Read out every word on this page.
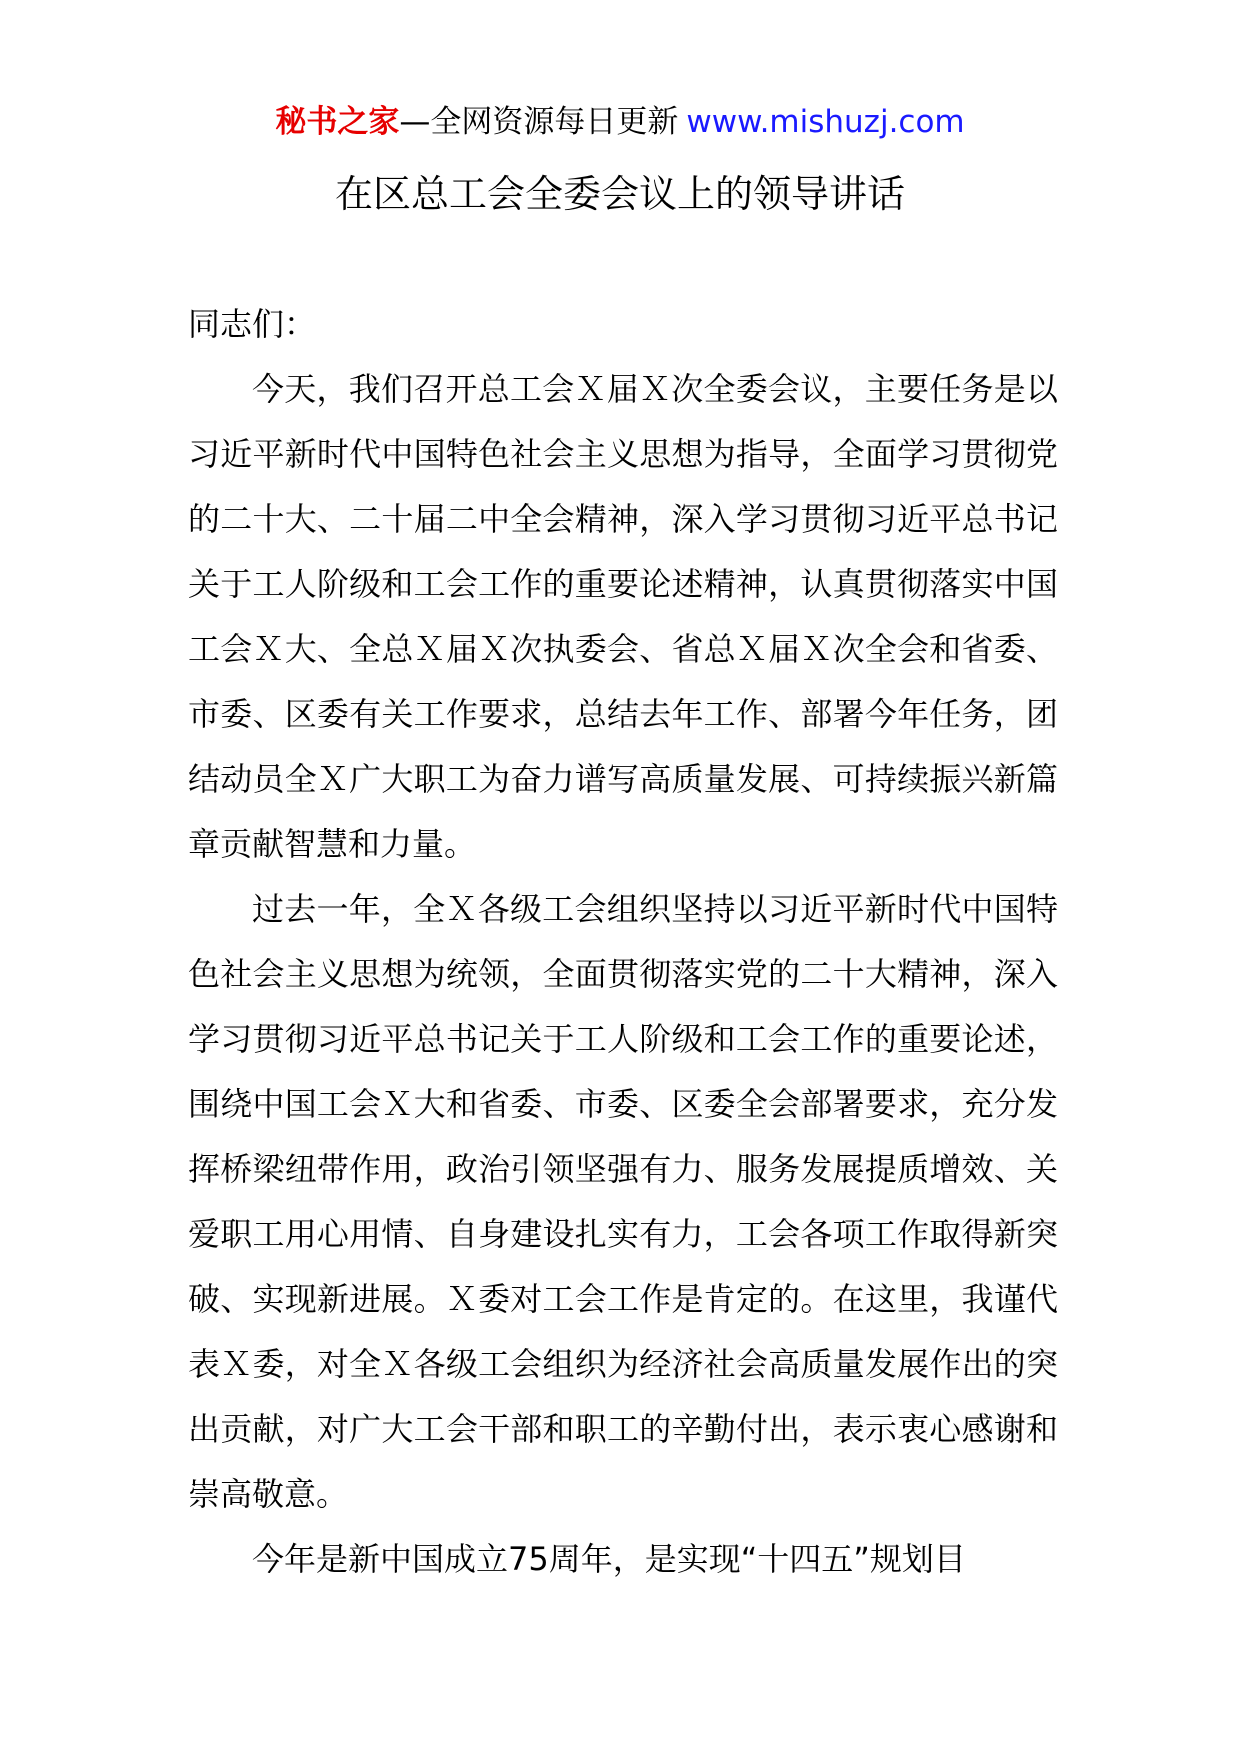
秘书之家—全网资源每日更新 www.mishuzj.com
在区总工会全委会议上的领导讲话

同志们：

今天，我们召开总工会Ｘ届Ｘ次全委会议，主要任务是以习近平新时代中国特色社会主义思想为指导，全面学习贯彻党的二十大、二十届二中全会精神，深入学习贯彻习近平总书记关于工人阶级和工会工作的重要论述精神，认真贯彻落实中国工会Ｘ大、全总Ｘ届Ｘ次执委会、省总Ｘ届Ｘ次全会和省委、市委、区委有关工作要求，总结去年工作、部署今年任务，团结动员全Ｘ广大职工为奋力谱写高质量发展、可持续振兴新篇章贡献智慧和力量。

过去一年，全Ｘ各级工会组织坚持以习近平新时代中国特色社会主义思想为统领，全面贯彻落实党的二十大精神，深入学习贯彻习近平总书记关于工人阶级和工会工作的重要论述，围绕中国工会Ｘ大和省委、市委、区委全会部署要求，充分发挥桥梁纽带作用，政治引领坚强有力、服务发展提质增效、关爱职工用心用情、自身建设扎实有力，工会各项工作取得新突破、实现新进展。Ｘ委对工会工作是肯定的。在这里，我谨代表Ｘ委，对全Ｘ各级工会组织为经济社会高质量发展作出的突出贡献，对广大工会干部和职工的辛勤付出，表示衷心感谢和崇高敬意。

今年是新中国成立75周年，是实现“十四五”规划目
